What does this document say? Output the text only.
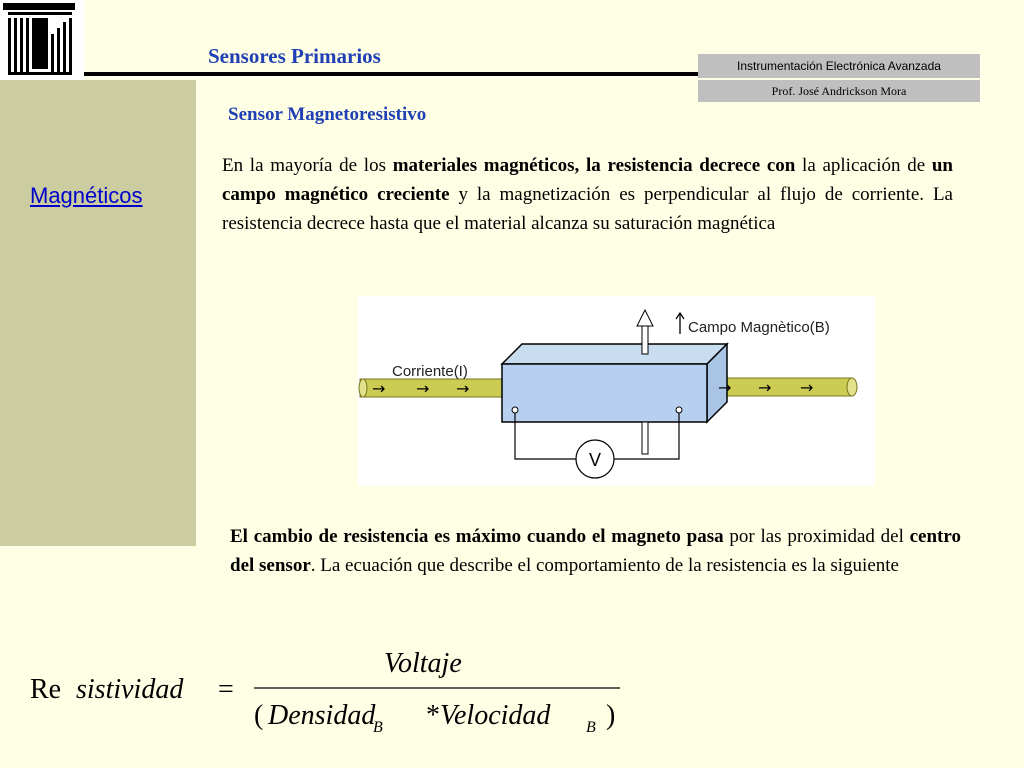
Sensores Primarios	Instrumentación Electrónica Avanzada
Prof. José Andrickson Mora
Magnéticos
Sensor Magnetoresistivo
En la mayoría de los materiales magnéticos, la resistencia decrece con la aplicación de un campo magnético creciente y la magnetización es perpendicular al flujo de corriente. La resistencia decrece hasta que el material alcanza su saturación magnética
Campo Magnètico(B)
Corriente(I)
→ → →	→ → →
V
El cambio de resistencia es máximo cuando el magneto pasa por las proximidad del centro del sensor. La ecuación que describe el comportamiento de la resistencia es la siguiente
Re sistividad =
Voltaje
( Densidad
B * Velocidad B )
